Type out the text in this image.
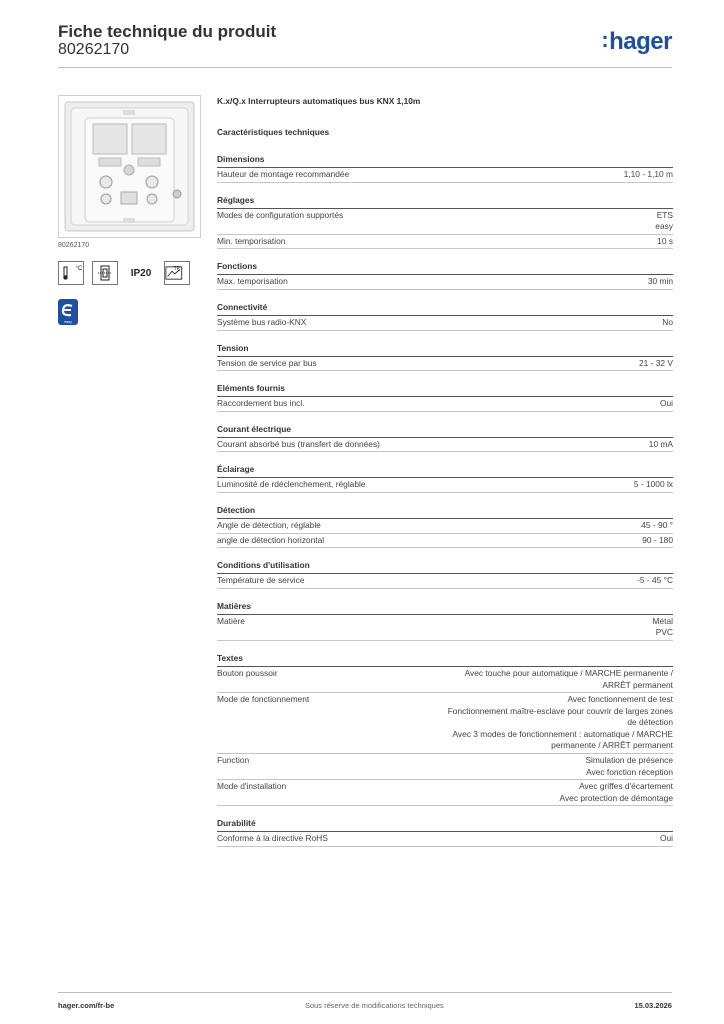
Fiche technique du produit
80262170	:hager
80262170
°C	IP20	TP
easy
K.x/Q.x Interrupteurs automatiques bus KNX 1,10m
Caractéristiques techniques
Dimensions
Hauteur de montage recommandée	1,10 - 1,10 m
Réglages
Modes de configuration supportés	ETS
easy
Min. temporisation	10 s
Fonctions
Max. temporisation	30 min
Connectivité
Système bus radio-KNX	No
Tension
Tension de service par bus	21 - 32 V
Eléments fournis
Raccordement bus incl.	Oui
Courant électrique
Courant absorbé bus (transfert de données)	10 mA
Éclairage
Luminosité de rdéclenchement, réglable	5 - 1000 lx
Détection
Angle de détection, réglable	45 - 90 °
angle de détection horizontal	90 - 180
Conditions d'utilisation
Température de service	-5 - 45 °C
Matières
Matière	Métal
PVC
Textes
Bouton poussoir	Avec touche pour automatique / MARCHE permanente /
ARRÊT permanent
Mode de fonctionnement	Avec fonctionnement de test
Fonctionnement maître-esclave pour couvrir de larges zones
de détection
Avec 3 modes de fonctionnement : automatique / MARCHE
permanente / ARRÊT permanent
Function	Simulation de présence
Avec fonction réception
Mode d'installation	Avec griffes d'écartement
Avec protection de démontage
Durabilité
Conforme à la directive RoHS	Oui
hager.com/fr-be	Sous réserve de modifications techniques	15.03.2026
